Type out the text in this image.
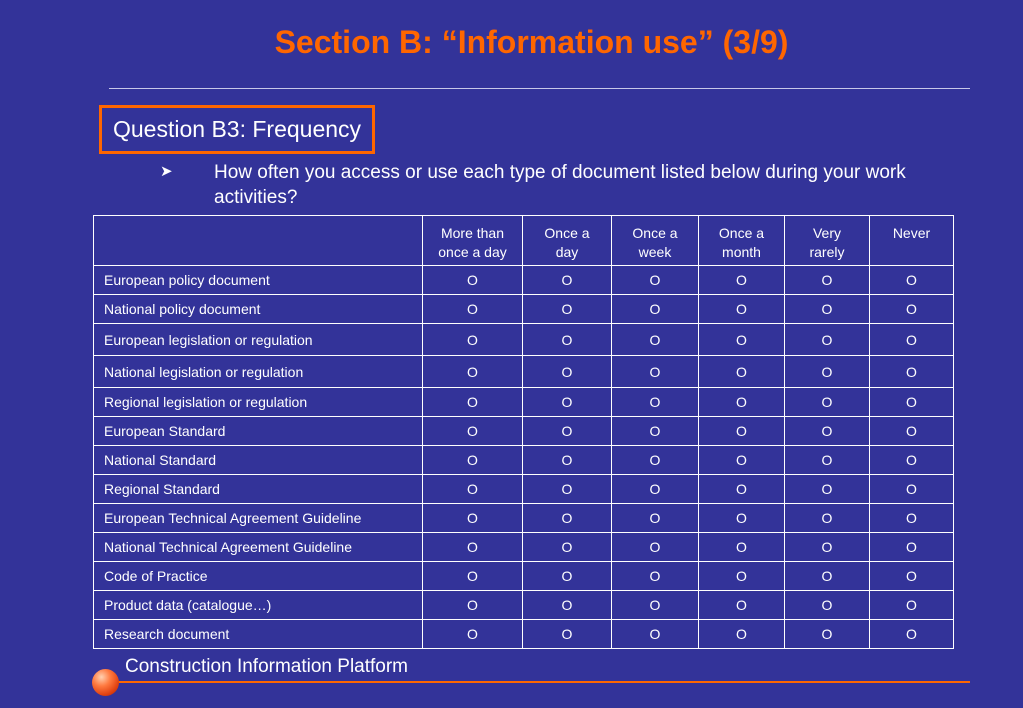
Section B: “Information use” (3/9)
Question B3: Frequency
➤ How often you access or use each type of document listed below during your work activities?
	More than once a day	Once a day	Once a week	Once a month	Very rarely	Never
European policy document	O	O	O	O	O	O
National policy document	O	O	O	O	O	O
European legislation or regulation	O	O	O	O	O	O
National legislation or regulation	O	O	O	O	O	O
Regional legislation or regulation	O	O	O	O	O	O
European Standard	O	O	O	O	O	O
National Standard	O	O	O	O	O	O
Regional Standard	O	O	O	O	O	O
European Technical Agreement Guideline	O	O	O	O	O	O
National Technical Agreement Guideline	O	O	O	O	O	O
Code of Practice	O	O	O	O	O	O
Product data (catalogue…)	O	O	O	O	O	O
Research document	O	O	O	O	O	O
Construction Information Platform
